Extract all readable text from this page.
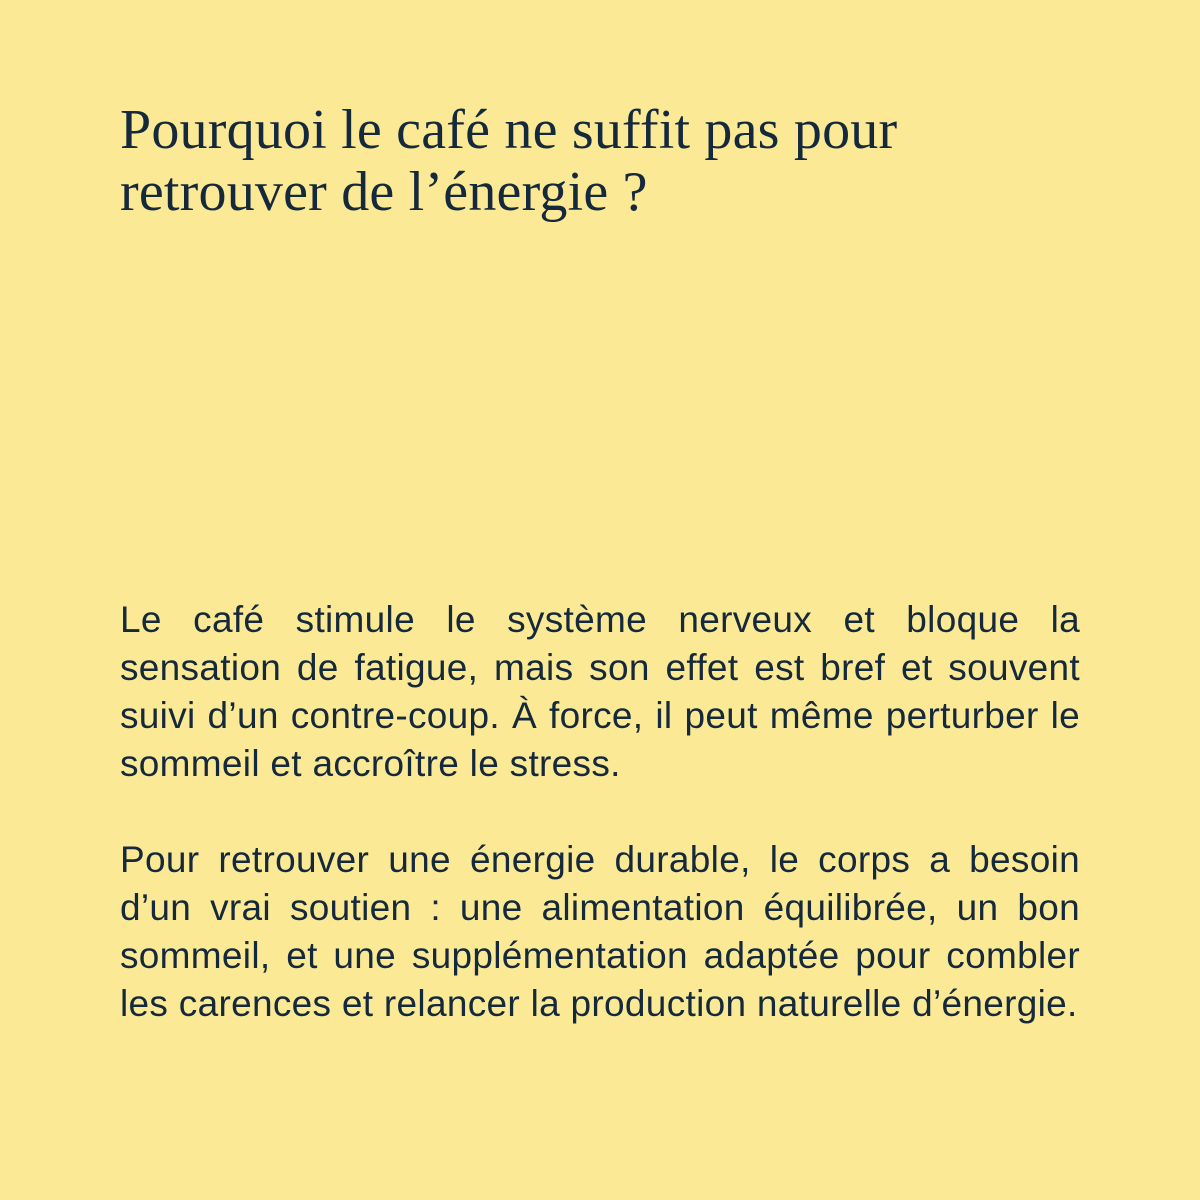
Pourquoi le café ne suffit pas pour retrouver de l’énergie ?

Le café stimule le système nerveux et bloque la sensation de fatigue, mais son effet est bref et souvent suivi d’un contre-coup. À force, il peut même perturber le sommeil et accroître le stress.

Pour retrouver une énergie durable, le corps a besoin d’un vrai soutien : une alimentation équilibrée, un bon sommeil, et une supplémentation adaptée pour combler les carences et relancer la production naturelle d’énergie.
